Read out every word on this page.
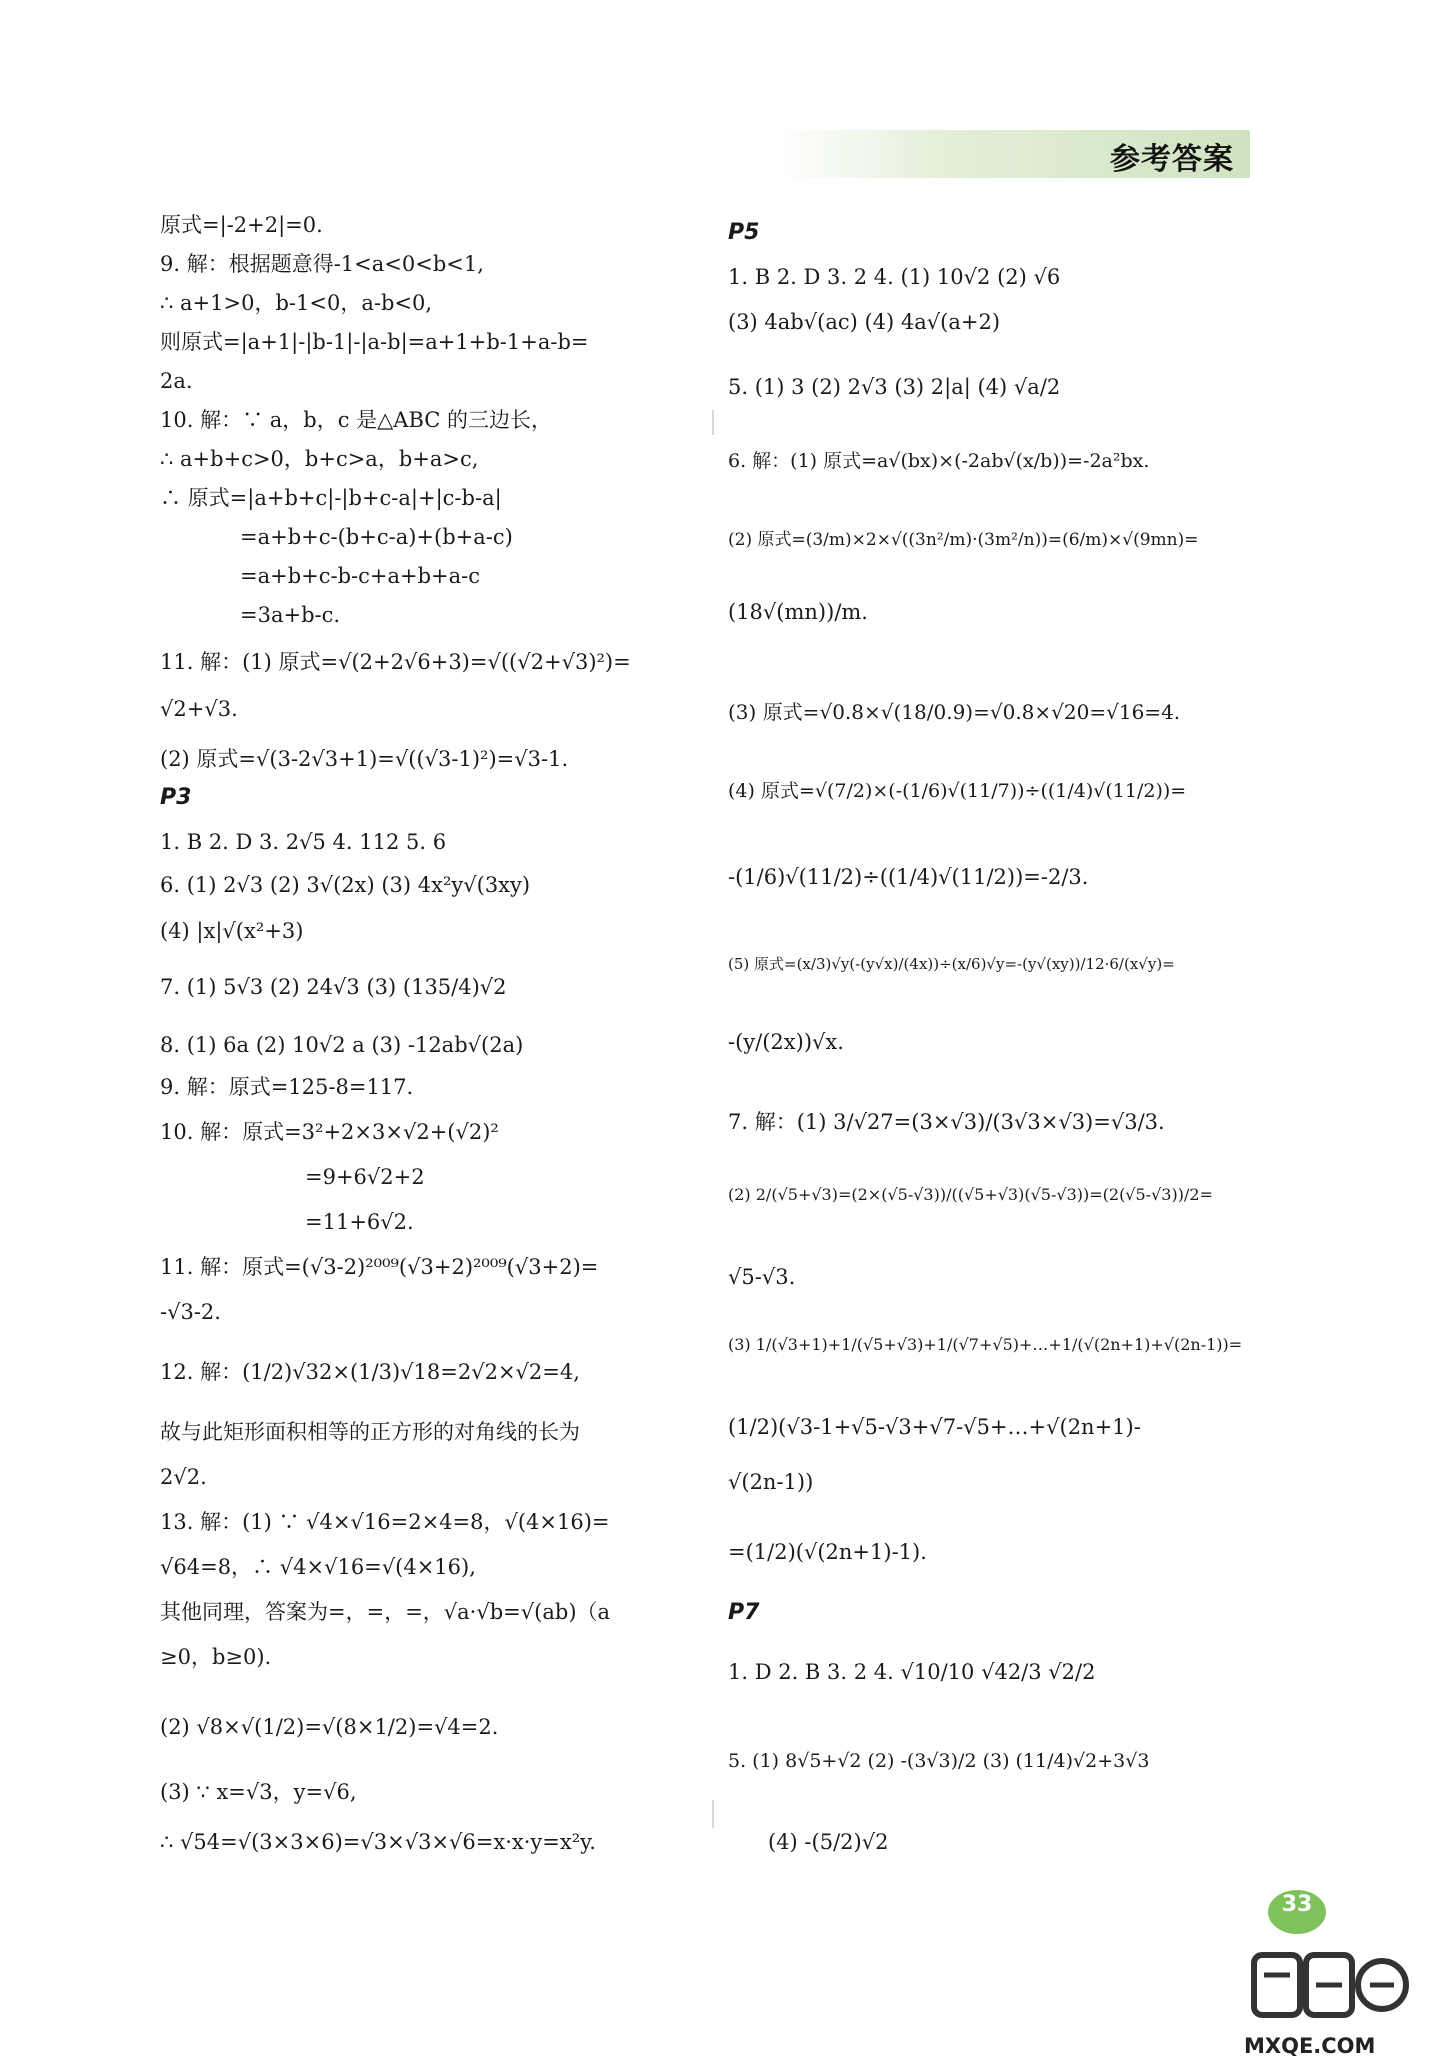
参考答案
原式=|-2+2|=0.
9. 解：根据题意得-1<a<0<b<1,
∴ a+1>0，b-1<0，a-b<0,
则原式=|a+1|-|b-1|-|a-b|=a+1+b-1+a-b=
2a.
10. 解：∵ a，b，c 是△ABC 的三边长，
∴ a+b+c>0，b+c>a，b+a>c,
∴ 原式=|a+b+c|-|b+c-a|+|c-b-a|
=a+b+c-(b+c-a)+(b+a-c)
=a+b+c-b-c+a+b+a-c
=3a+b-c.
11. 解：(1) 原式=√(2+2√6+3)=√((√2+√3)²)=
√2+√3.
(2) 原式=√(3-2√3+1)=√((√3-1)²)=√3-1.
P3
1. B 2. D 3. 2√5 4. 112 5. 6
6. (1) 2√3 (2) 3√(2x) (3) 4x²y√(3xy)
(4) |x|√(x²+3)
7. (1) 5√3 (2) 24√3 (3) (135/4)√2
8. (1) 6a (2) 10√2 a (3) -12ab√(2a)
9. 解：原式=125-8=117.
10. 解：原式=3²+2×3×√2+(√2)²
=9+6√2+2
=11+6√2.
11. 解：原式=(√3-2)²⁰⁰⁹(√3+2)²⁰⁰⁹(√3+2)=
-√3-2.
12. 解：(1/2)√32×(1/3)√18=2√2×√2=4,
故与此矩形面积相等的正方形的对角线的长为
2√2.
13. 解：(1) ∵ √4×√16=2×4=8，√(4×16)=
√64=8，∴ √4×√16=√(4×16),
其他同理，答案为=，=，=，√a·√b=√(ab)（a
≥0，b≥0).
(2) √8×√(1/2)=√(8×1/2)=√4=2.
(3) ∵ x=√3，y=√6,
∴ √54=√(3×3×6)=√3×√3×√6=x·x·y=x²y.
P5
1. B 2. D 3. 2 4. (1) 10√2 (2) √6
(3) 4ab√(ac) (4) 4a√(a+2)
5. (1) 3 (2) 2√3 (3) 2|a| (4) √a/2
6. 解：(1) 原式=a√(bx)×(-2ab√(x/b))=-2a²bx.
(2) 原式=(3/m)×2×√((3n²/m)·(3m²/n))=(6/m)×√(9mn)=
(18√(mn))/m.
(3) 原式=√0.8×√(18/0.9)=√0.8×√20=√16=4.
(4) 原式=√(7/2)×(-(1/6)√(11/7))÷((1/4)√(11/2))=
-(1/6)√(11/2)÷((1/4)√(11/2))=-2/3.
(5) 原式=(x/3)√y(-(y√x)/(4x))÷(x/6)√y=-(y√(xy))/12·6/(x√y)=
-(y/(2x))√x.
7. 解：(1) 3/√27=(3×√3)/(3√3×√3)=√3/3.
(2) 2/(√5+√3)=(2×(√5-√3))/((√5+√3)(√5-√3))=(2(√5-√3))/2=
√5-√3.
(3) 1/(√3+1)+1/(√5+√3)+1/(√7+√5)+…+1/(√(2n+1)+√(2n-1))=
(1/2)(√3-1+√5-√3+√7-√5+…+√(2n+1)-
√(2n-1))
=(1/2)(√(2n+1)-1).
P7
1. D 2. B 3. 2 4. √10/10 √42/3 √2/2
5. (1) 8√5+√2 (2) -(3√3)/2 (3) (11/4)√2+3√3
(4) -(5/2)√2
33
MXQE.COM
